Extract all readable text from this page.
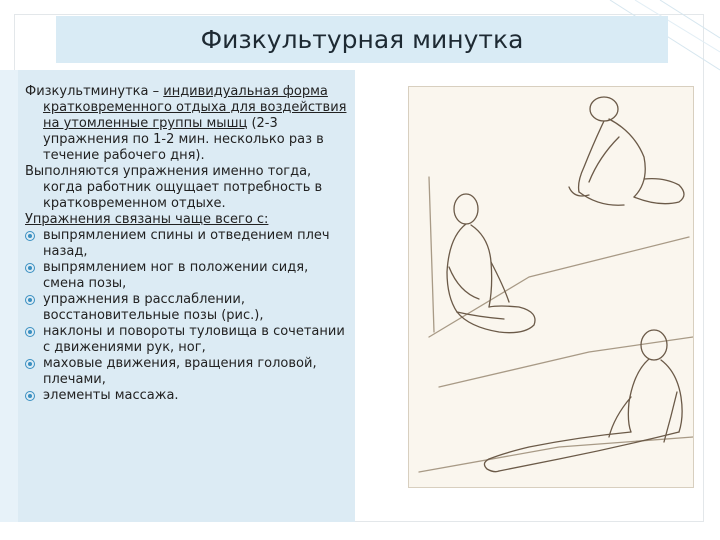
Физкультурная минутка

Физкультминутка – индивидуальная форма кратковременного отдыха для воздействия на утомленные группы мышц (2-3 упражнения по 1-2 мин. несколько раз в течение рабочего дня).

Выполняются упражнения именно тогда, когда работник ощущает потребность в кратковременном отдыхе.

Упражнения связаны чаще всего с:

выпрямлением спины и отведением плеч назад,
выпрямлением ног в положении сидя, смена позы,
упражнения в расслаблении, восстановительные позы (рис.),
наклоны и повороты туловища в сочетании с движениями рук, ног,
маховые движения, вращения головой, плечами,
элементы массажа.
